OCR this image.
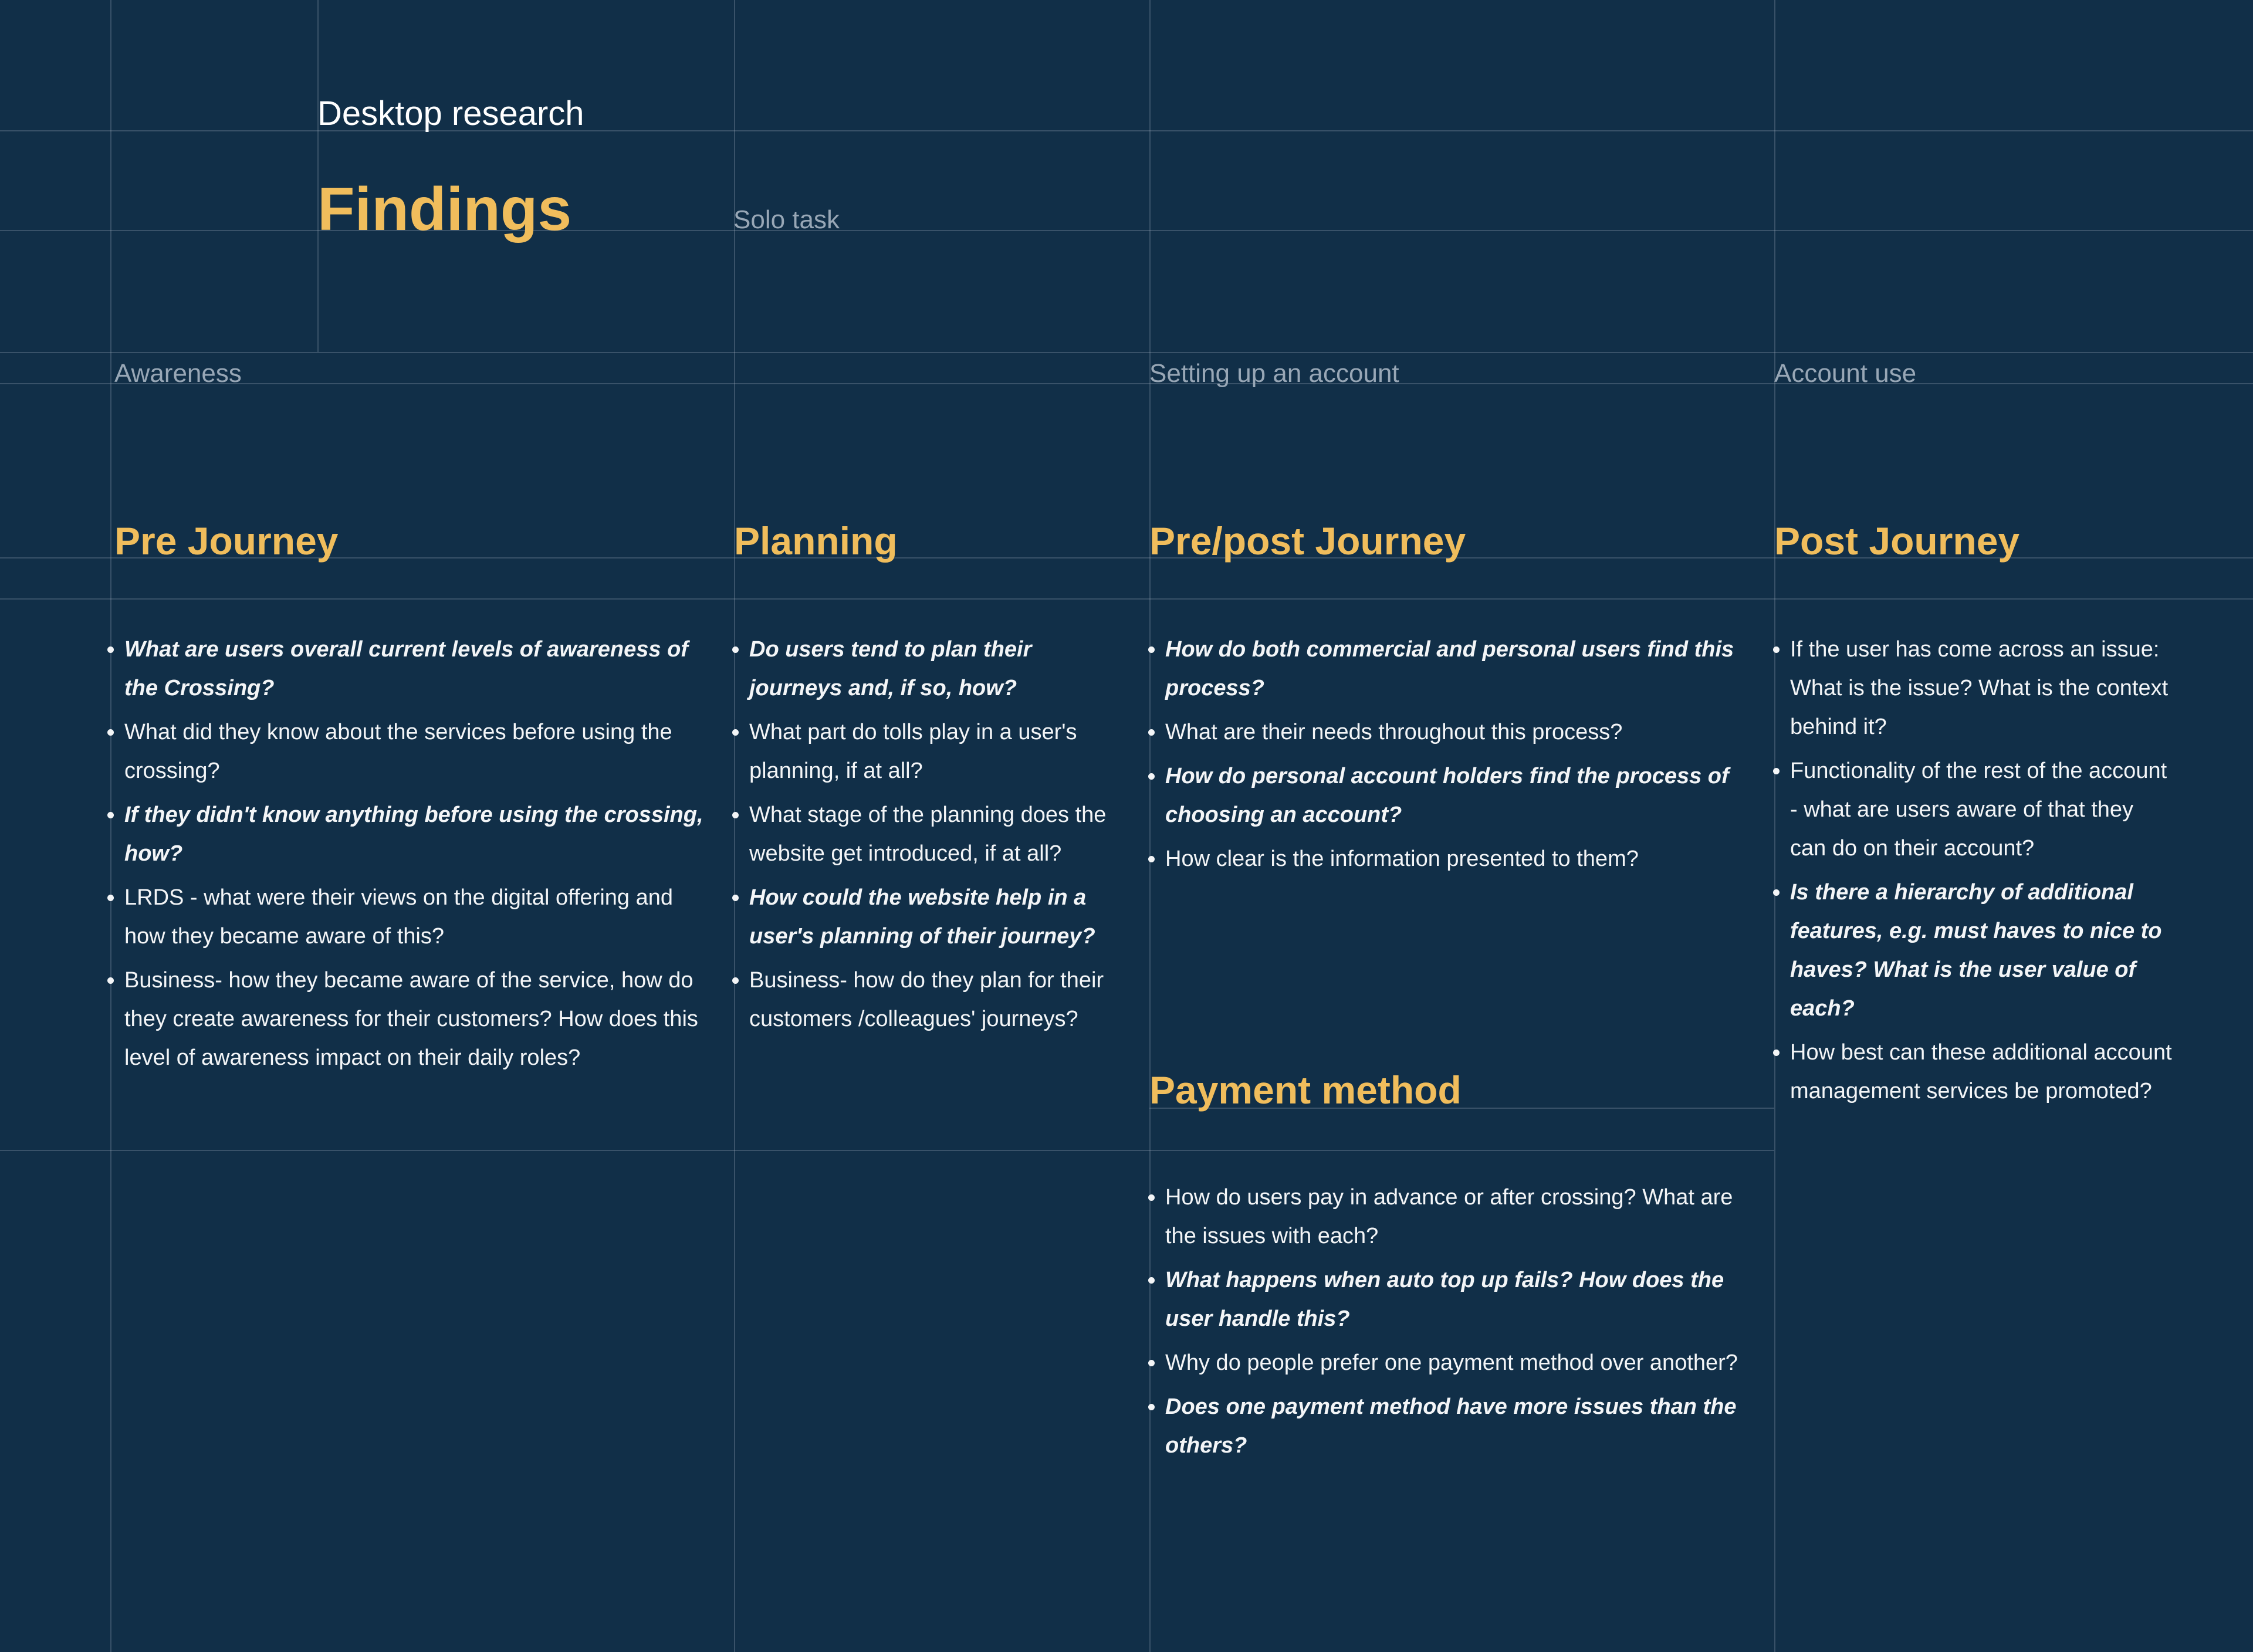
Desktop research
Findings	Solo task
Awareness	Setting up an account	Account use
Pre Journey	Planning	Pre/post Journey	Post Journey
Payment method
• What are users overall current levels of awareness of the Crossing?
• What did they know about the services before using the crossing?
• If they didn't know anything before using the crossing, how?
• LRDS - what were their views on the digital offering and how they became aware of this?
• Business- how they became aware of the service, how do they create awareness for their customers? How does this level of awareness impact on their daily roles?
• Do users tend to plan their journeys and, if so, how?
• What part do tolls play in a user's planning, if at all?
• What stage of the planning does the website get introduced, if at all?
• How could the website help in a user's planning of their journey?
• Business- how do they plan for their customers /colleagues' journeys?
• How do both commercial and personal users find this process?
• What are their needs throughout this process?
• How do personal account holders find the process of choosing an account?
• How clear is the information presented to them?
• How do users pay in advance or after crossing? What are the issues with each?
• What happens when auto top up fails? How does the user handle this?
• Why do people prefer one payment method over another?
• Does one payment method have more issues than the others?
• If the user has come across an issue: What is the issue? What is the context behind it?
• Functionality of the rest of the account - what are users aware of that they can do on their account?
• Is there a hierarchy of additional features, e.g. must haves to nice to haves? What is the user value of each?
• How best can these additional account management services be promoted?
